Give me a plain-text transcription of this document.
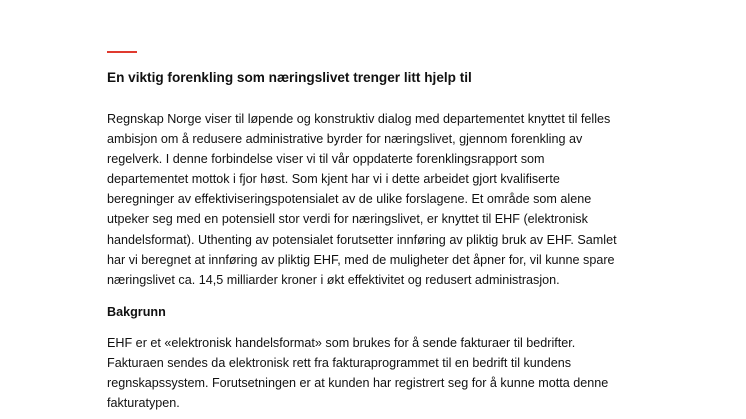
En viktig forenkling som næringslivet trenger litt hjelp til

Regnskap Norge viser til løpende og konstruktiv dialog med departementet knyttet til felles ambisjon om å redusere administrative byrder for næringslivet, gjennom forenkling av regelverk. I denne forbindelse viser vi til vår oppdaterte forenklingsrapport som departementet mottok i fjor høst. Som kjent har vi i dette arbeidet gjort kvalifiserte beregninger av effektiviseringspotensialet av de ulike forslagene. Et område som alene utpeker seg med en potensiell stor verdi for næringslivet, er knyttet til EHF (elektronisk handelsformat). Uthenting av potensialet forutsetter innføring av pliktig bruk av EHF. Samlet har vi beregnet at innføring av pliktig EHF, med de muligheter det åpner for, vil kunne spare næringslivet ca. 14,5 milliarder kroner i økt effektivitet og redusert administrasjon.

Bakgrunn

EHF er et «elektronisk handelsformat» som brukes for å sende fakturaer til bedrifter. Fakturaen sendes da elektronisk rett fra fakturaprogrammet til en bedrift til kundens regnskapssystem. Forutsetningen er at kunden har registrert seg for å kunne motta denne fakturatypen.
